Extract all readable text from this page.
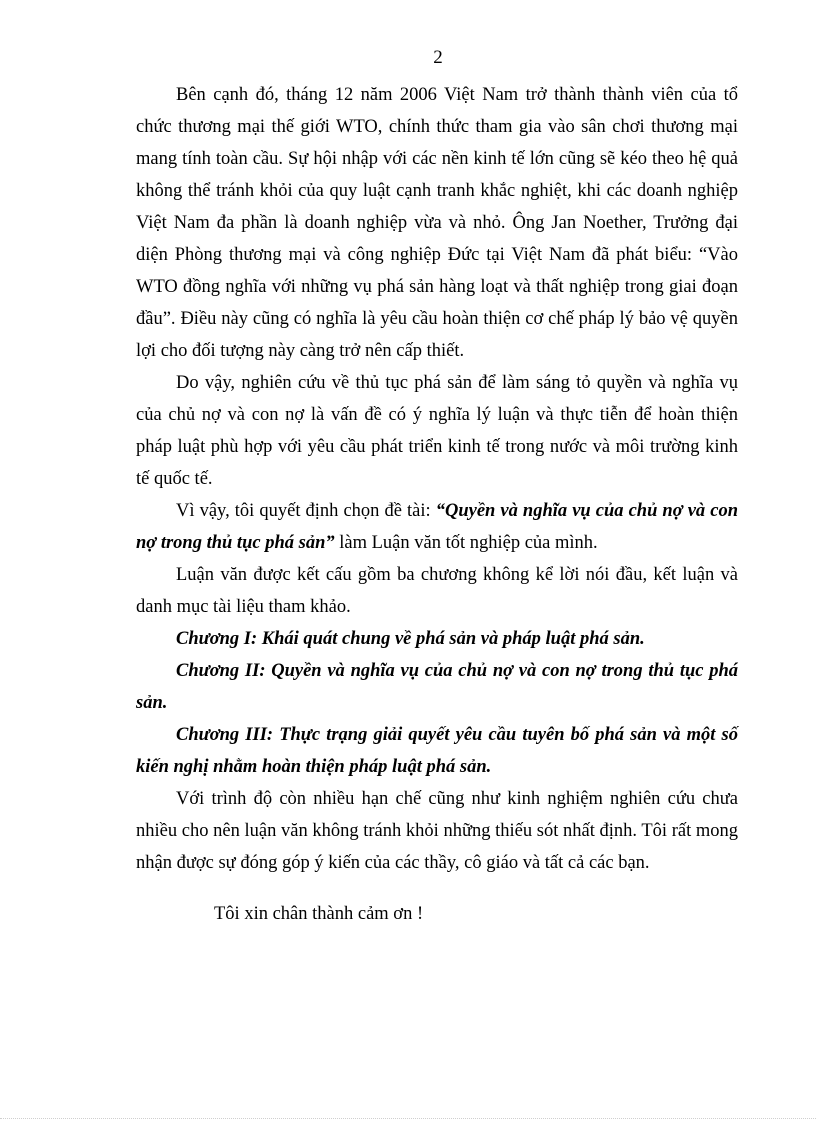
2

Bên cạnh đó, tháng 12 năm 2006 Việt Nam trở thành thành viên của tổ chức thương mại thế giới WTO, chính thức tham gia vào sân chơi thương mại mang tính toàn cầu. Sự hội nhập với các nền kinh tế lớn cũng sẽ kéo theo hệ quả không thể tránh khỏi của quy luật cạnh tranh khắc nghiệt, khi các doanh nghiệp Việt Nam đa phần là doanh nghiệp vừa và nhỏ. Ông Jan Noether, Trưởng đại diện Phòng thương mại và công nghiệp Đức tại Việt Nam đã phát biểu: “Vào WTO đồng nghĩa với những vụ phá sản hàng loạt và thất nghiệp trong giai đoạn đầu”. Điều này cũng có nghĩa là yêu cầu hoàn thiện cơ chế pháp lý bảo vệ quyền lợi cho đối tượng này càng trở nên cấp thiết.

Do vậy, nghiên cứu về thủ tục phá sản để làm sáng tỏ quyền và nghĩa vụ của chủ nợ và con nợ là vấn đề có ý nghĩa lý luận và thực tiễn để hoàn thiện pháp luật phù hợp với yêu cầu phát triển kinh tế trong nước và môi trường kinh tế quốc tế.

Vì vậy, tôi quyết định chọn đề tài: “Quyền và nghĩa vụ của chủ nợ và con nợ trong thủ tục phá sản” làm Luận văn tốt nghiệp của mình.

Luận văn được kết cấu gồm ba chương không kể lời nói đầu, kết luận và danh mục tài liệu tham khảo.

Chương I: Khái quát chung về phá sản và pháp luật phá sản.

Chương II: Quyền và nghĩa vụ của chủ nợ và con nợ trong thủ tục phá sản.

Chương III: Thực trạng giải quyết yêu cầu tuyên bố phá sản và một số kiến nghị nhằm hoàn thiện pháp luật phá sản.

Với trình độ còn nhiều hạn chế cũng như kinh nghiệm nghiên cứu chưa nhiều cho nên luận văn không tránh khỏi những thiếu sót nhất định. Tôi rất mong nhận được sự đóng góp ý kiến của các thầy, cô giáo và tất cả các bạn.

Tôi xin chân thành cảm ơn !
